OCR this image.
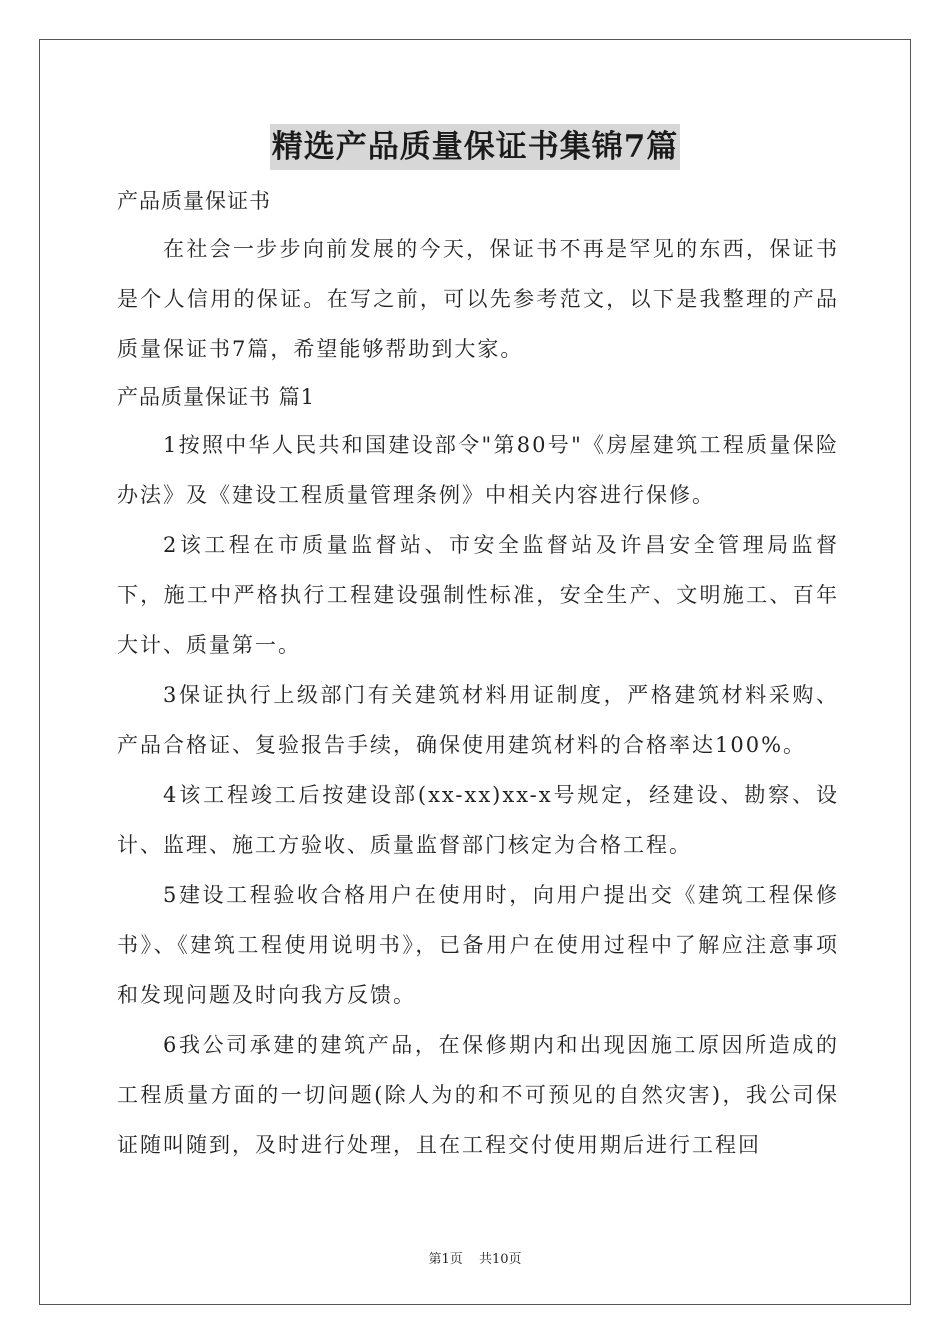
精选产品质量保证书集锦7篇

产品质量保证书

在社会一步步向前发展的今天，保证书不再是罕见的东西，保证书是个人信用的保证。在写之前，可以先参考范文，以下是我整理的产品质量保证书7篇，希望能够帮助到大家。

产品质量保证书 篇1

1按照中华人民共和国建设部令"第80号"《房屋建筑工程质量保险办法》及《建设工程质量管理条例》中相关内容进行保修。

2该工程在市质量监督站、市安全监督站及许昌安全管理局监督下，施工中严格执行工程建设强制性标准，安全生产、文明施工、百年大计、质量第一。

3保证执行上级部门有关建筑材料用证制度，严格建筑材料采购、产品合格证、复验报告手续，确保使用建筑材料的合格率达100%。

4该工程竣工后按建设部(xx-xx)xx-x号规定，经建设、勘察、设计、监理、施工方验收、质量监督部门核定为合格工程。

5建设工程验收合格用户在使用时，向用户提出交《建筑工程保修书》、《建筑工程使用说明书》，已备用户在使用过程中了解应注意事项和发现问题及时向我方反馈。

6我公司承建的建筑产品，在保修期内和出现因施工原因所造成的工程质量方面的一切问题(除人为的和不可预见的自然灾害)，我公司保证随叫随到，及时进行处理，且在工程交付使用期后进行工程回

第1页 共10页
